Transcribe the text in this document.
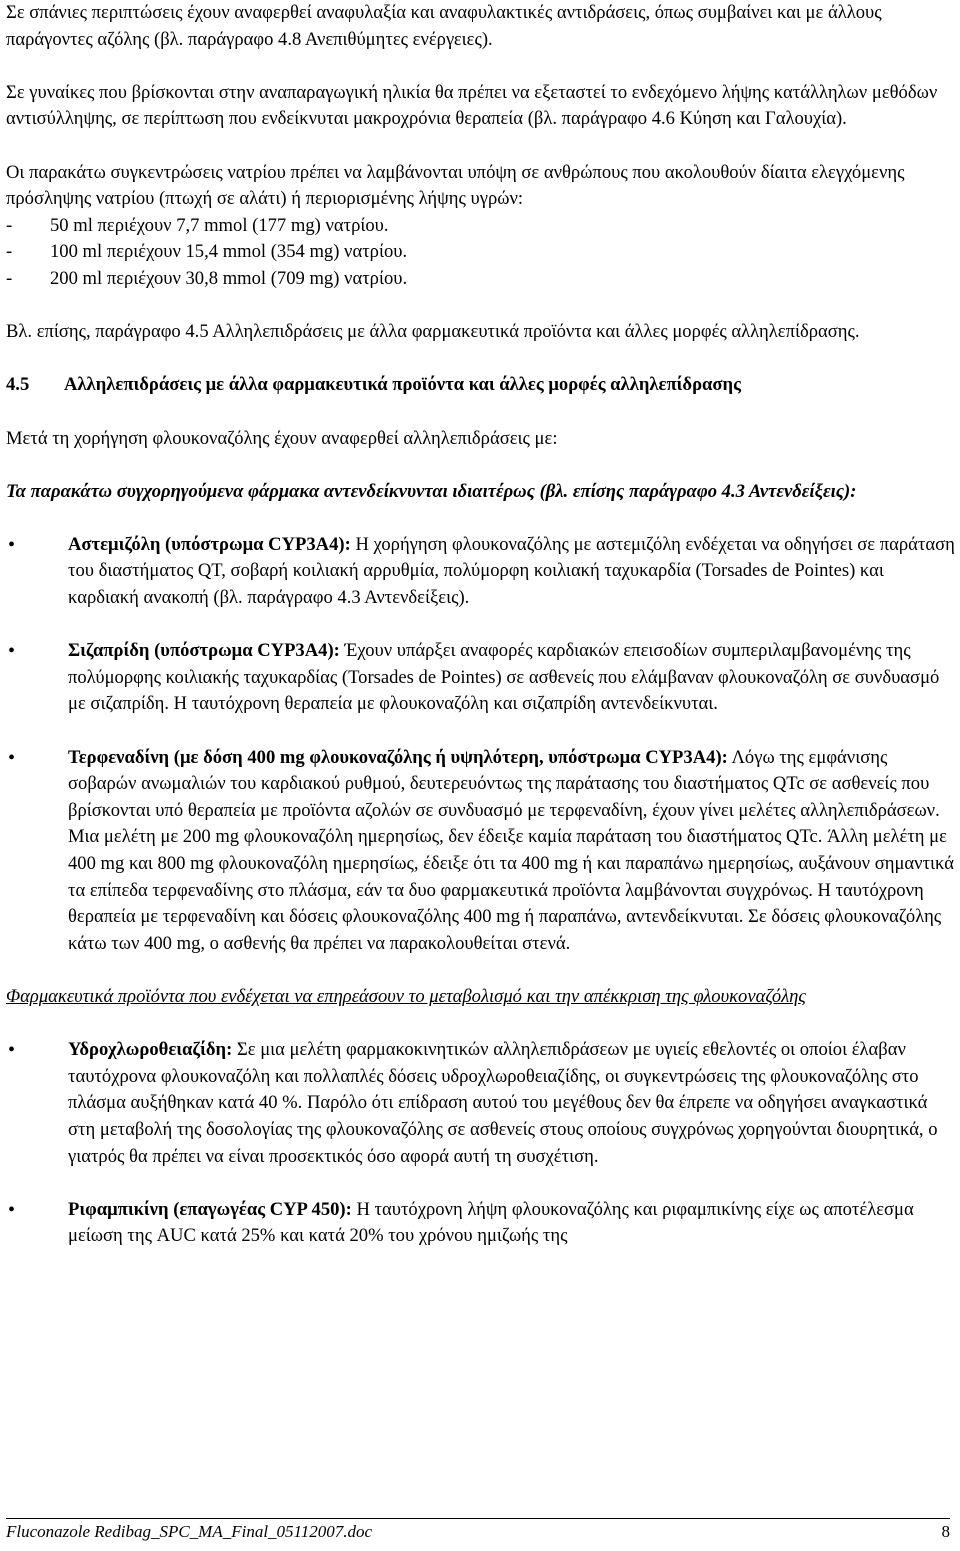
Σε σπάνιες περιπτώσεις έχουν αναφερθεί αναφυλαξία και αναφυλακτικές αντιδράσεις, όπως συμβαίνει και με άλλους παράγοντες αζόλης (βλ. παράγραφο 4.8 Ανεπιθύμητες ενέργειες).

Σε γυναίκες που βρίσκονται στην αναπαραγωγική ηλικία θα πρέπει να εξεταστεί το ενδεχόμενο λήψης κατάλληλων μεθόδων αντισύλληψης, σε περίπτωση που ενδείκνυται μακροχρόνια θεραπεία (βλ. παράγραφο 4.6 Κύηση και Γαλουχία).

Οι παρακάτω συγκεντρώσεις νατρίου πρέπει να λαμβάνονται υπόψη σε ανθρώπους που ακολουθούν δίαιτα ελεγχόμενης πρόσληψης νατρίου (πτωχή σε αλάτι) ή περιορισμένης λήψης υγρών:

-	50 ml περιέχουν 7,7 mmol (177 mg) νατρίου.
-	100 ml περιέχουν 15,4 mmol (354 mg) νατρίου.
-	200 ml περιέχουν 30,8 mmol (709 mg) νατρίου.

Βλ. επίσης, παράγραφο 4.5 Αλληλεπιδράσεις με άλλα φαρμακευτικά προϊόντα και άλλες μορφές αλληλεπίδρασης.

4.5	Αλληλεπιδράσεις με άλλα φαρμακευτικά προϊόντα και άλλες μορφές αλληλεπίδρασης

Μετά τη χορήγηση φλουκοναζόλης έχουν αναφερθεί αλληλεπιδράσεις με:

Τα παρακάτω συγχορηγούμενα φάρμακα αντενδείκνυνται ιδιαιτέρως (βλ. επίσης παράγραφο 4.3 Αντενδείξεις):

•	Αστεμιζόλη (υπόστρωμα CYP3A4): Η χορήγηση φλουκοναζόλης με αστεμιζόλη ενδέχεται να οδηγήσει σε παράταση του διαστήματος QT, σοβαρή κοιλιακή αρρυθμία, πολύμορφη κοιλιακή ταχυκαρδία (Torsades de Pointes) και καρδιακή ανακοπή (βλ. παράγραφο 4.3 Αντενδείξεις).

•	Σιζαπρίδη (υπόστρωμα CYP3A4): Έχουν υπάρξει αναφορές καρδιακών επεισοδίων συμπεριλαμβανομένης της πολύμορφης κοιλιακής ταχυκαρδίας (Torsades de Pointes) σε ασθενείς που ελάμβαναν φλουκοναζόλη σε συνδυασμό με σιζαπρίδη. Η ταυτόχρονη θεραπεία με φλουκοναζόλη και σιζαπρίδη αντενδείκνυται.

•	Τερφεναδίνη (με δόση 400 mg φλουκοναζόλης ή υψηλότερη, υπόστρωμα CYP3A4): Λόγω της εμφάνισης σοβαρών ανωμαλιών του καρδιακού ρυθμού, δευτερευόντως της παράτασης του διαστήματος QTc σε ασθενείς που βρίσκονται υπό θεραπεία με προϊόντα αζολών σε συνδυασμό με τερφεναδίνη, έχουν γίνει μελέτες αλληλεπιδράσεων. Μια μελέτη με 200 mg φλουκοναζόλη ημερησίως, δεν έδειξε καμία παράταση του διαστήματος QTc. Άλλη μελέτη με 400 mg και 800 mg φλουκοναζόλη ημερησίως, έδειξε ότι τα 400 mg ή και παραπάνω ημερησίως, αυξάνουν σημαντικά τα επίπεδα τερφεναδίνης στο πλάσμα, εάν τα δυο φαρμακευτικά προϊόντα λαμβάνονται συγχρόνως. Η ταυτόχρονη θεραπεία με τερφεναδίνη και δόσεις φλουκοναζόλης 400 mg ή παραπάνω, αντενδείκνυται. Σε δόσεις φλουκοναζόλης κάτω των 400 mg, ο ασθενής θα πρέπει να παρακολουθείται στενά.

Φαρμακευτικά προϊόντα που ενδέχεται να επηρεάσουν το μεταβολισμό και την απέκκριση της φλουκοναζόλης

•	Υδροχλωροθειαζίδη: Σε μια μελέτη φαρμακοκινητικών αλληλεπιδράσεων με υγιείς εθελοντές οι οποίοι έλαβαν ταυτόχρονα φλουκοναζόλη και πολλαπλές δόσεις υδροχλωροθειαζίδης, οι συγκεντρώσεις της φλουκοναζόλης στο πλάσμα αυξήθηκαν κατά 40 %. Παρόλο ότι επίδραση αυτού του μεγέθους δεν θα έπρεπε να οδηγήσει αναγκαστικά στη μεταβολή της δοσολογίας της φλουκοναζόλης σε ασθενείς στους οποίους συγχρόνως χορηγούνται διουρητικά, ο γιατρός θα πρέπει να είναι προσεκτικός όσο αφορά αυτή τη συσχέτιση.

•	Ριφαμπικίνη (επαγωγέας CYP 450): Η ταυτόχρονη λήψη φλουκοναζόλης και ριφαμπικίνης είχε ως αποτέλεσμα μείωση της AUC κατά 25% και κατά 20% του χρόνου ημιζωής της

Fluconazole Redibag_SPC_MA_Final_05112007.doc	8
